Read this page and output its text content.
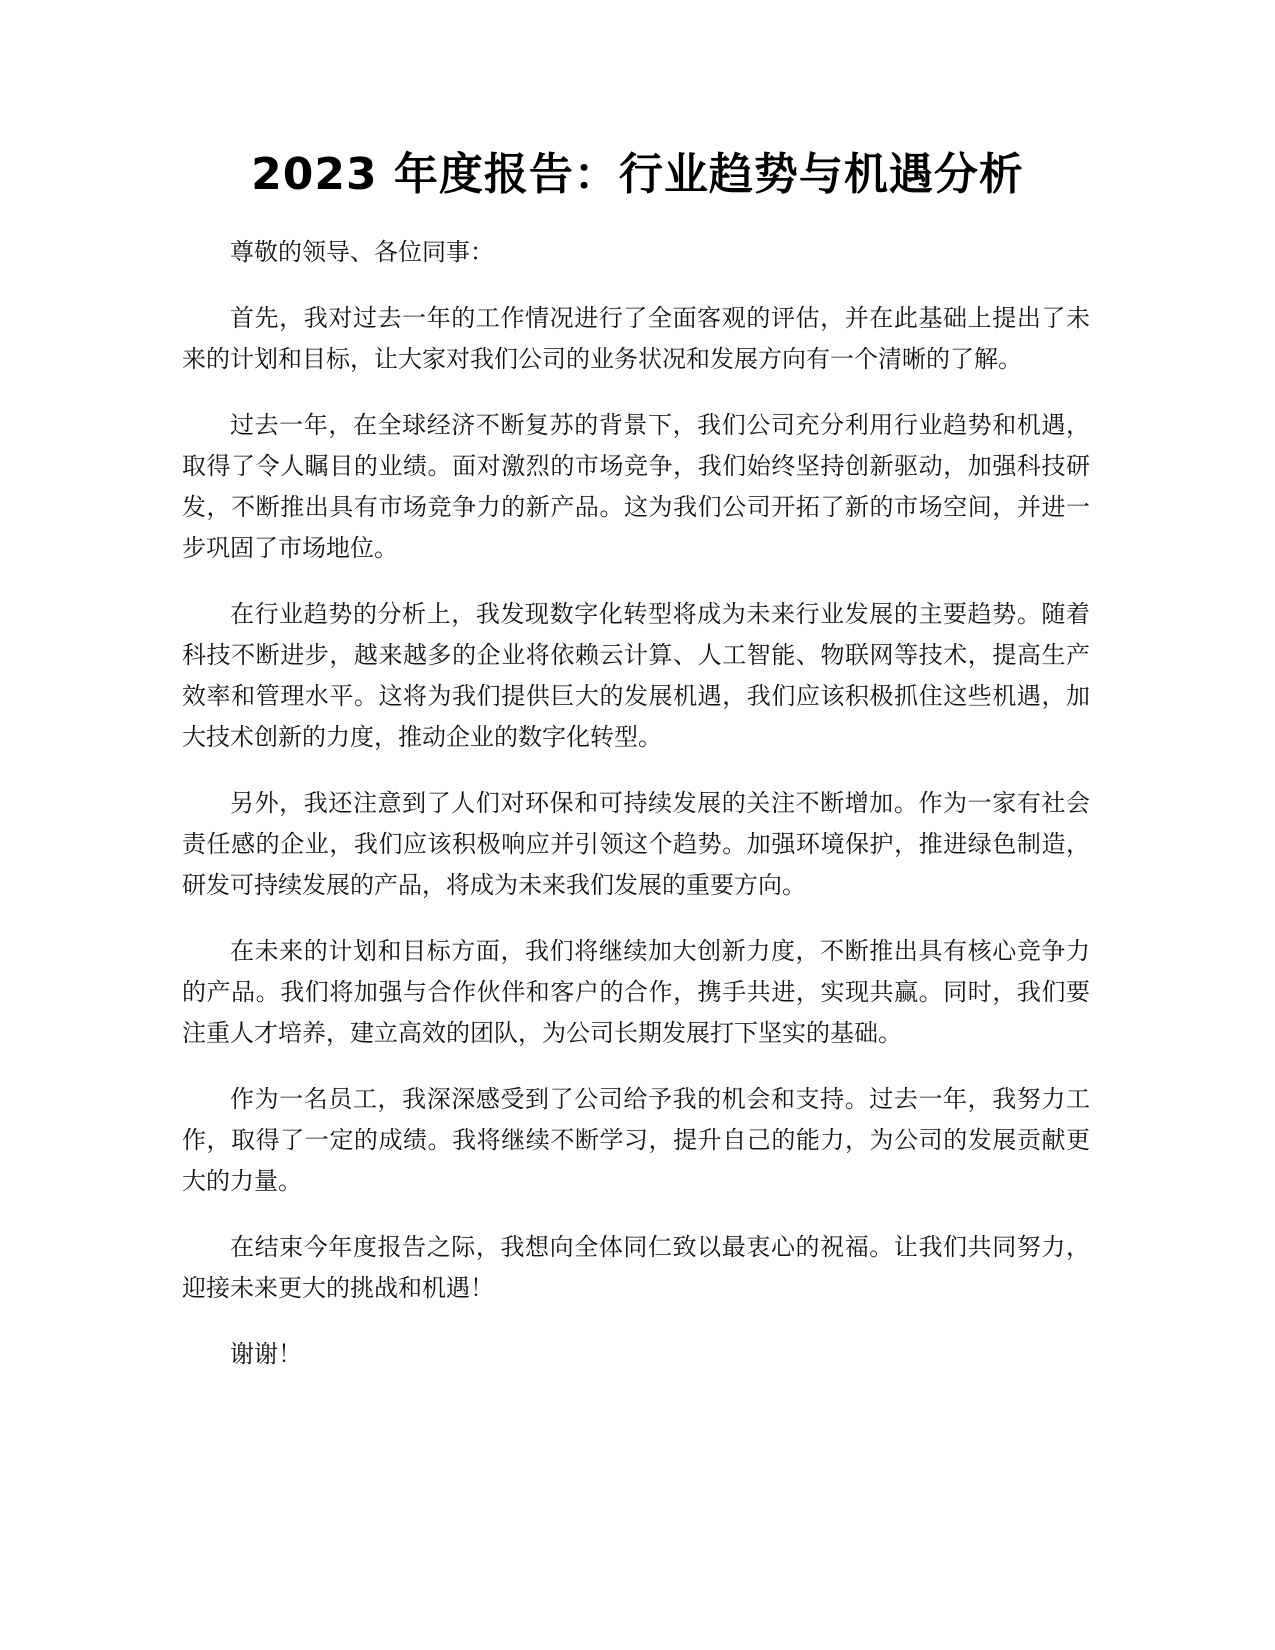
2023 年度报告：行业趋势与机遇分析

尊敬的领导、各位同事：

首先，我对过去一年的工作情况进行了全面客观的评估，并在此基础上提出了未来的计划和目标，让大家对我们公司的业务状况和发展方向有一个清晰的了解。

过去一年，在全球经济不断复苏的背景下，我们公司充分利用行业趋势和机遇，取得了令人瞩目的业绩。面对激烈的市场竞争，我们始终坚持创新驱动，加强科技研发，不断推出具有市场竞争力的新产品。这为我们公司开拓了新的市场空间，并进一步巩固了市场地位。

在行业趋势的分析上，我发现数字化转型将成为未来行业发展的主要趋势。随着科技不断进步，越来越多的企业将依赖云计算、人工智能、物联网等技术，提高生产效率和管理水平。这将为我们提供巨大的发展机遇，我们应该积极抓住这些机遇，加大技术创新的力度，推动企业的数字化转型。

另外，我还注意到了人们对环保和可持续发展的关注不断增加。作为一家有社会责任感的企业，我们应该积极响应并引领这个趋势。加强环境保护，推进绿色制造，研发可持续发展的产品，将成为未来我们发展的重要方向。

在未来的计划和目标方面，我们将继续加大创新力度，不断推出具有核心竞争力的产品。我们将加强与合作伙伴和客户的合作，携手共进，实现共赢。同时，我们要注重人才培养，建立高效的团队，为公司长期发展打下坚实的基础。

作为一名员工，我深深感受到了公司给予我的机会和支持。过去一年，我努力工作，取得了一定的成绩。我将继续不断学习，提升自己的能力，为公司的发展贡献更大的力量。

在结束今年度报告之际，我想向全体同仁致以最衷心的祝福。让我们共同努力，迎接未来更大的挑战和机遇！

谢谢！
